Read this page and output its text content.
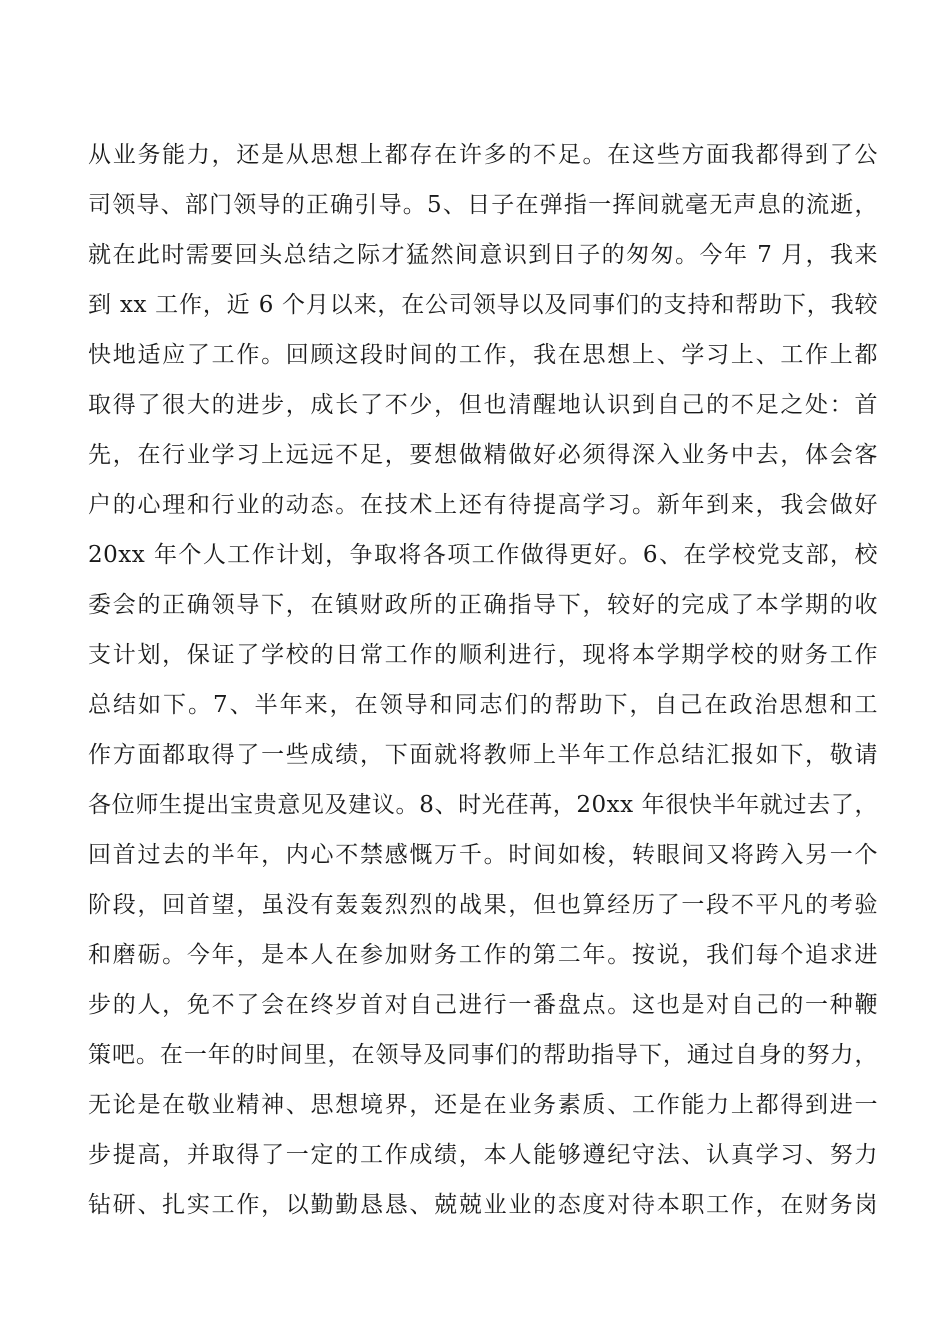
从业务能力，还是从思想上都存在许多的不足。在这些方面我都得到了公
司领导、部门领导的正确引导。5、日子在弹指一挥间就毫无声息的流逝，
就在此时需要回头总结之际才猛然间意识到日子的匆匆。今年 7 月，我来
到 xx 工作，近 6 个月以来，在公司领导以及同事们的支持和帮助下，我较
快地适应了工作。回顾这段时间的工作，我在思想上、学习上、工作上都
取得了很大的进步，成长了不少，但也清醒地认识到自己的不足之处：首
先，在行业学习上远远不足，要想做精做好必须得深入业务中去，体会客
户的心理和行业的动态。在技术上还有待提高学习。新年到来，我会做好
20xx 年个人工作计划，争取将各项工作做得更好。6、在学校党支部，校
委会的正确领导下，在镇财政所的正确指导下，较好的完成了本学期的收
支计划，保证了学校的日常工作的顺利进行，现将本学期学校的财务工作
总结如下。7、半年来，在领导和同志们的帮助下，自己在政治思想和工
作方面都取得了一些成绩，下面就将教师上半年工作总结汇报如下，敬请
各位师生提出宝贵意见及建议。8、时光荏苒，20xx 年很快半年就过去了，
回首过去的半年，内心不禁感慨万千。时间如梭，转眼间又将跨入另一个
阶段，回首望，虽没有轰轰烈烈的战果，但也算经历了一段不平凡的考验
和磨砺。今年，是本人在参加财务工作的第二年。按说，我们每个追求进
步的人，免不了会在终岁首对自己进行一番盘点。这也是对自己的一种鞭
策吧。在一年的时间里，在领导及同事们的帮助指导下，通过自身的努力，
无论是在敬业精神、思想境界，还是在业务素质、工作能力上都得到进一
步提高，并取得了一定的工作成绩，本人能够遵纪守法、认真学习、努力
钻研、扎实工作，以勤勤恳恳、兢兢业业的态度对待本职工作，在财务岗
